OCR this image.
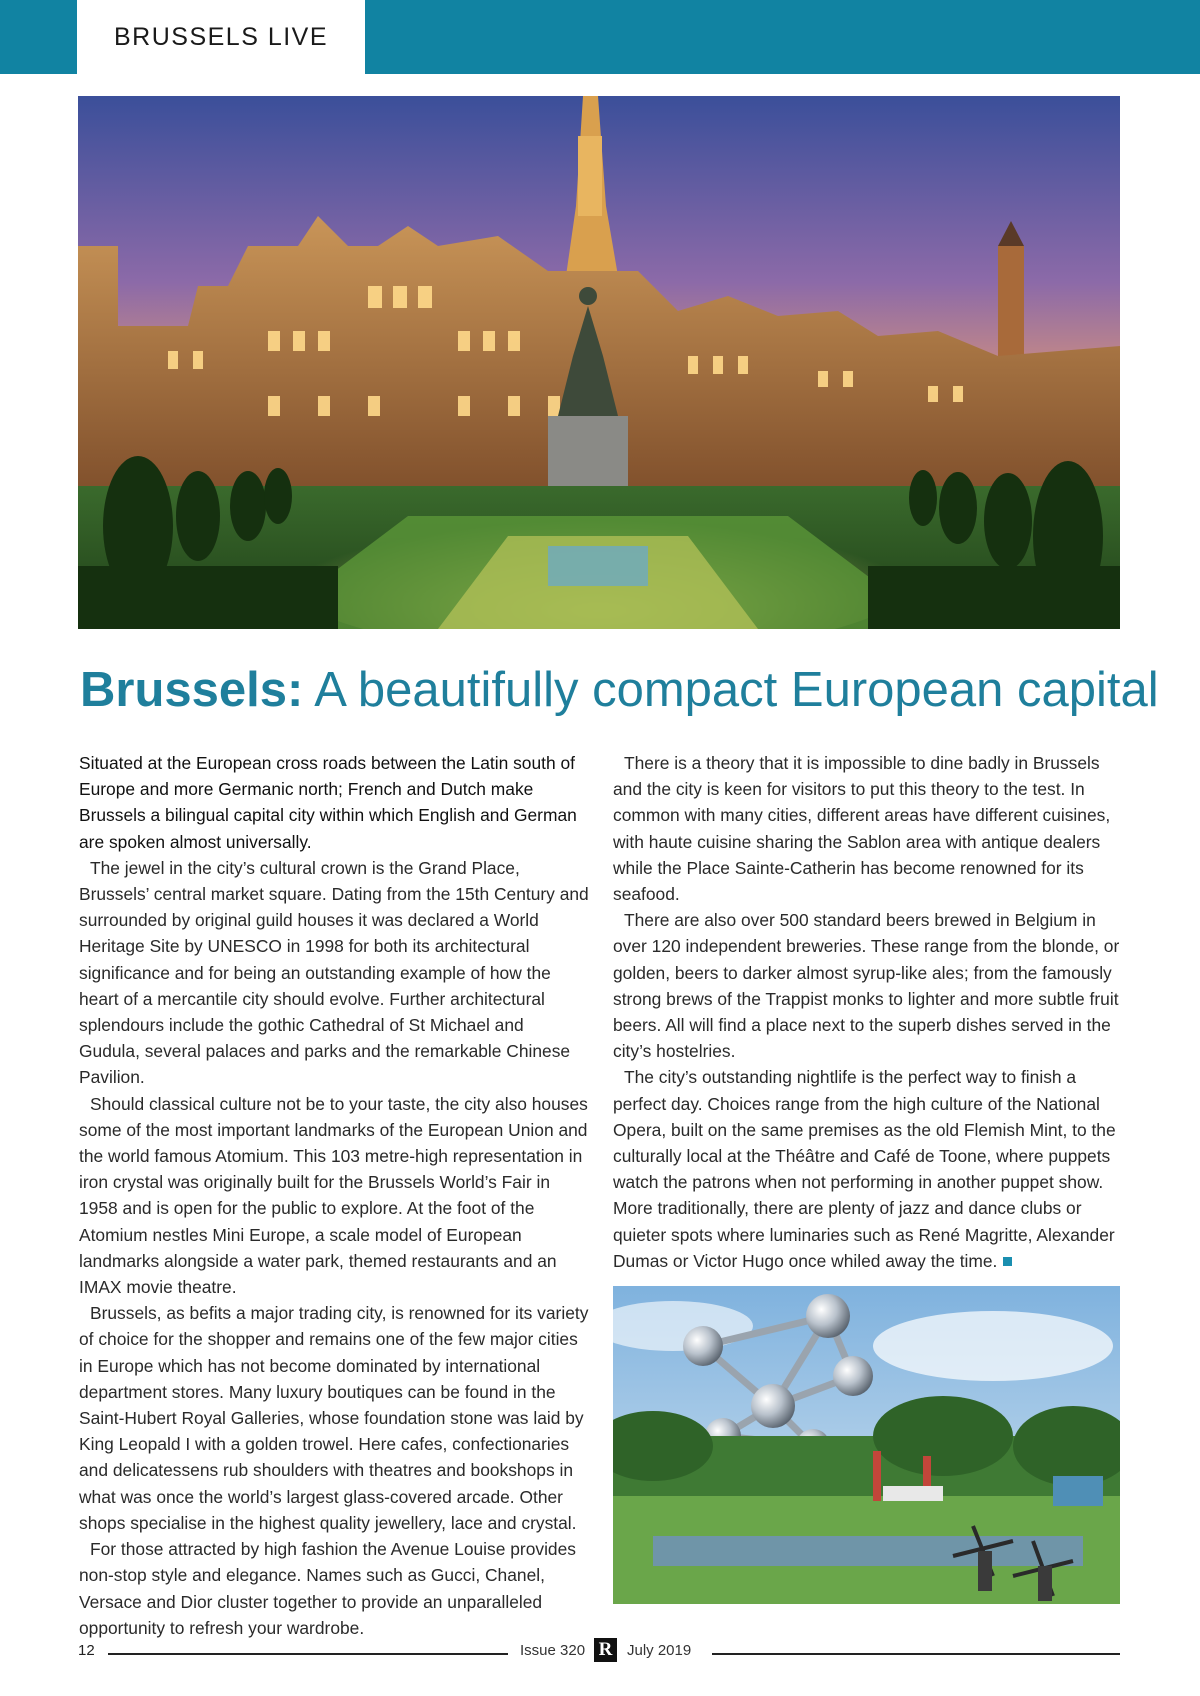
BRUSSELS LIVE
Brussels: A beautifully compact European capital

Situated at the European cross roads between the Latin south of Europe and more Germanic north; French and Dutch make Brussels a bilingual capital city within which English and German are spoken almost universally.

The jewel in the city’s cultural crown is the Grand Place, Brussels’ central market square. Dating from the 15th Century and surrounded by original guild houses it was declared a World Heritage Site by UNESCO in 1998 for both its architectural significance and for being an outstanding example of how the heart of a mercantile city should evolve. Further architectural splendours include the gothic Cathedral of St Michael and Gudula, several palaces and parks and the remarkable Chinese Pavilion.

Should classical culture not be to your taste, the city also houses some of the most important landmarks of the European Union and the world famous Atomium. This 103 metre-high representation in iron crystal was originally built for the Brussels World’s Fair in 1958 and is open for the public to explore. At the foot of the Atomium nestles Mini Europe, a scale model of European landmarks alongside a water park, themed restaurants and an IMAX movie theatre.

Brussels, as befits a major trading city, is renowned for its variety of choice for the shopper and remains one of the few major cities in Europe which has not become dominated by international department stores. Many luxury boutiques can be found in the Saint-Hubert Royal Galleries, whose foundation stone was laid by King Leopald I with a golden trowel. Here cafes, confectionaries and delicatessens rub shoulders with theatres and bookshops in what was once the world’s largest glass-covered arcade. Other shops specialise in the highest quality jewellery, lace and crystal.

For those attracted by high fashion the Avenue Louise provides non-stop style and elegance. Names such as Gucci, Chanel, Versace and Dior cluster together to provide an unparalleled opportunity to refresh your wardrobe.

There is a theory that it is impossible to dine badly in Brussels and the city is keen for visitors to put this theory to the test. In common with many cities, different areas have different cuisines, with haute cuisine sharing the Sablon area with antique dealers while the Place Sainte-Catherin has become renowned for its seafood.

There are also over 500 standard beers brewed in Belgium in over 120 independent breweries. These range from the blonde, or golden, beers to darker almost syrup-like ales; from the famously strong brews of the Trappist monks to lighter and more subtle fruit beers. All will find a place next to the superb dishes served in the city’s hostelries.

The city’s outstanding nightlife is the perfect way to finish a perfect day. Choices range from the high culture of the National Opera, built on the same premises as the old Flemish Mint, to the culturally local at the Théâtre and Café de Toone, where puppets watch the patrons when not performing in another puppet show. More traditionally, there are plenty of jazz and dance clubs or quieter spots where luminaries such as René Magritte, Alexander Dumas or Victor Hugo once whiled away the time.

12	Issue 320 R July 2019
